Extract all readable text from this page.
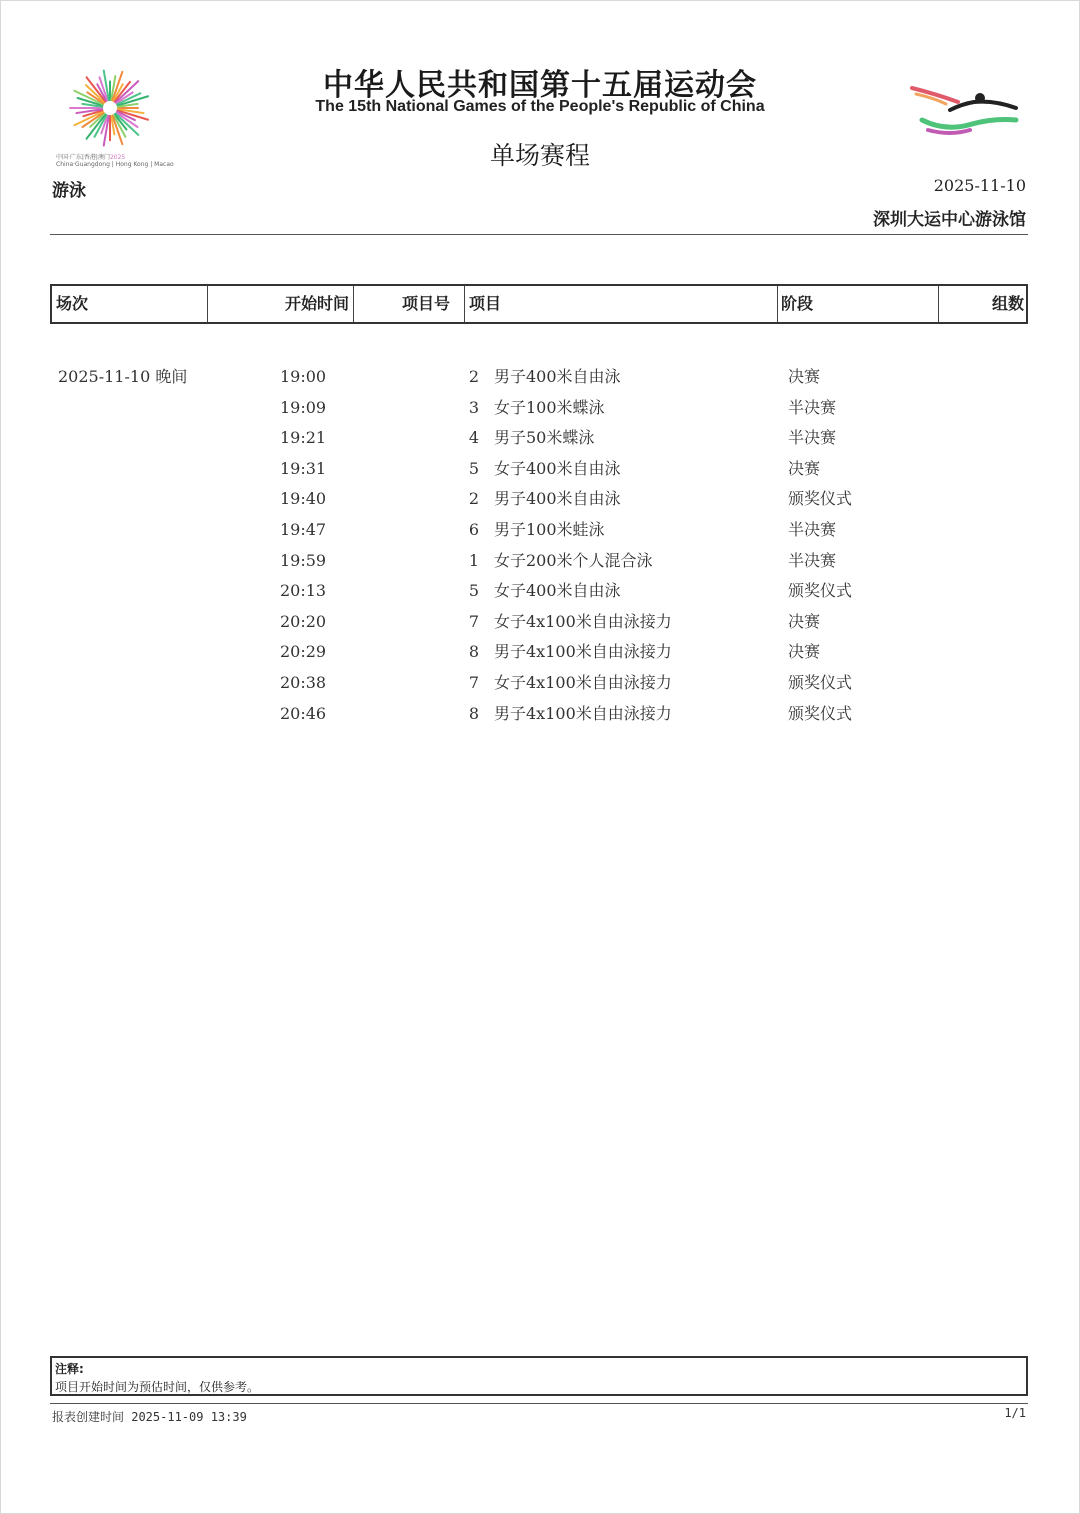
中国·广东|香港|澳门2025
China·Guangdong | Hong Kong | Macao
游泳
中华人民共和国第十五届运动会
The 15th National Games of the People's Republic of China
单场赛程
2025-11-10
深圳大运中心游泳馆
场次	开始时间	项目号 项目	阶段	组数
2025-11-10 晚间	19:00	2 男子400米自由泳	决赛
19:09	3 女子100米蝶泳	半决赛
19:21	4 男子50米蝶泳	半决赛
19:31	5 女子400米自由泳	决赛
19:40	2 男子400米自由泳	颁奖仪式
19:47	6 男子100米蛙泳	半决赛
19:59	1 女子200米个人混合泳	半决赛
20:13	5 女子400米自由泳	颁奖仪式
20:20	7 女子4x100米自由泳接力	决赛
20:29	8 男子4x100米自由泳接力	决赛
20:38	7 女子4x100米自由泳接力	颁奖仪式
20:46	8 男子4x100米自由泳接力	颁奖仪式
注释:
项目开始时间为预估时间，仅供参考。
报表创建时间 2025-11-09 13:39	1/1
